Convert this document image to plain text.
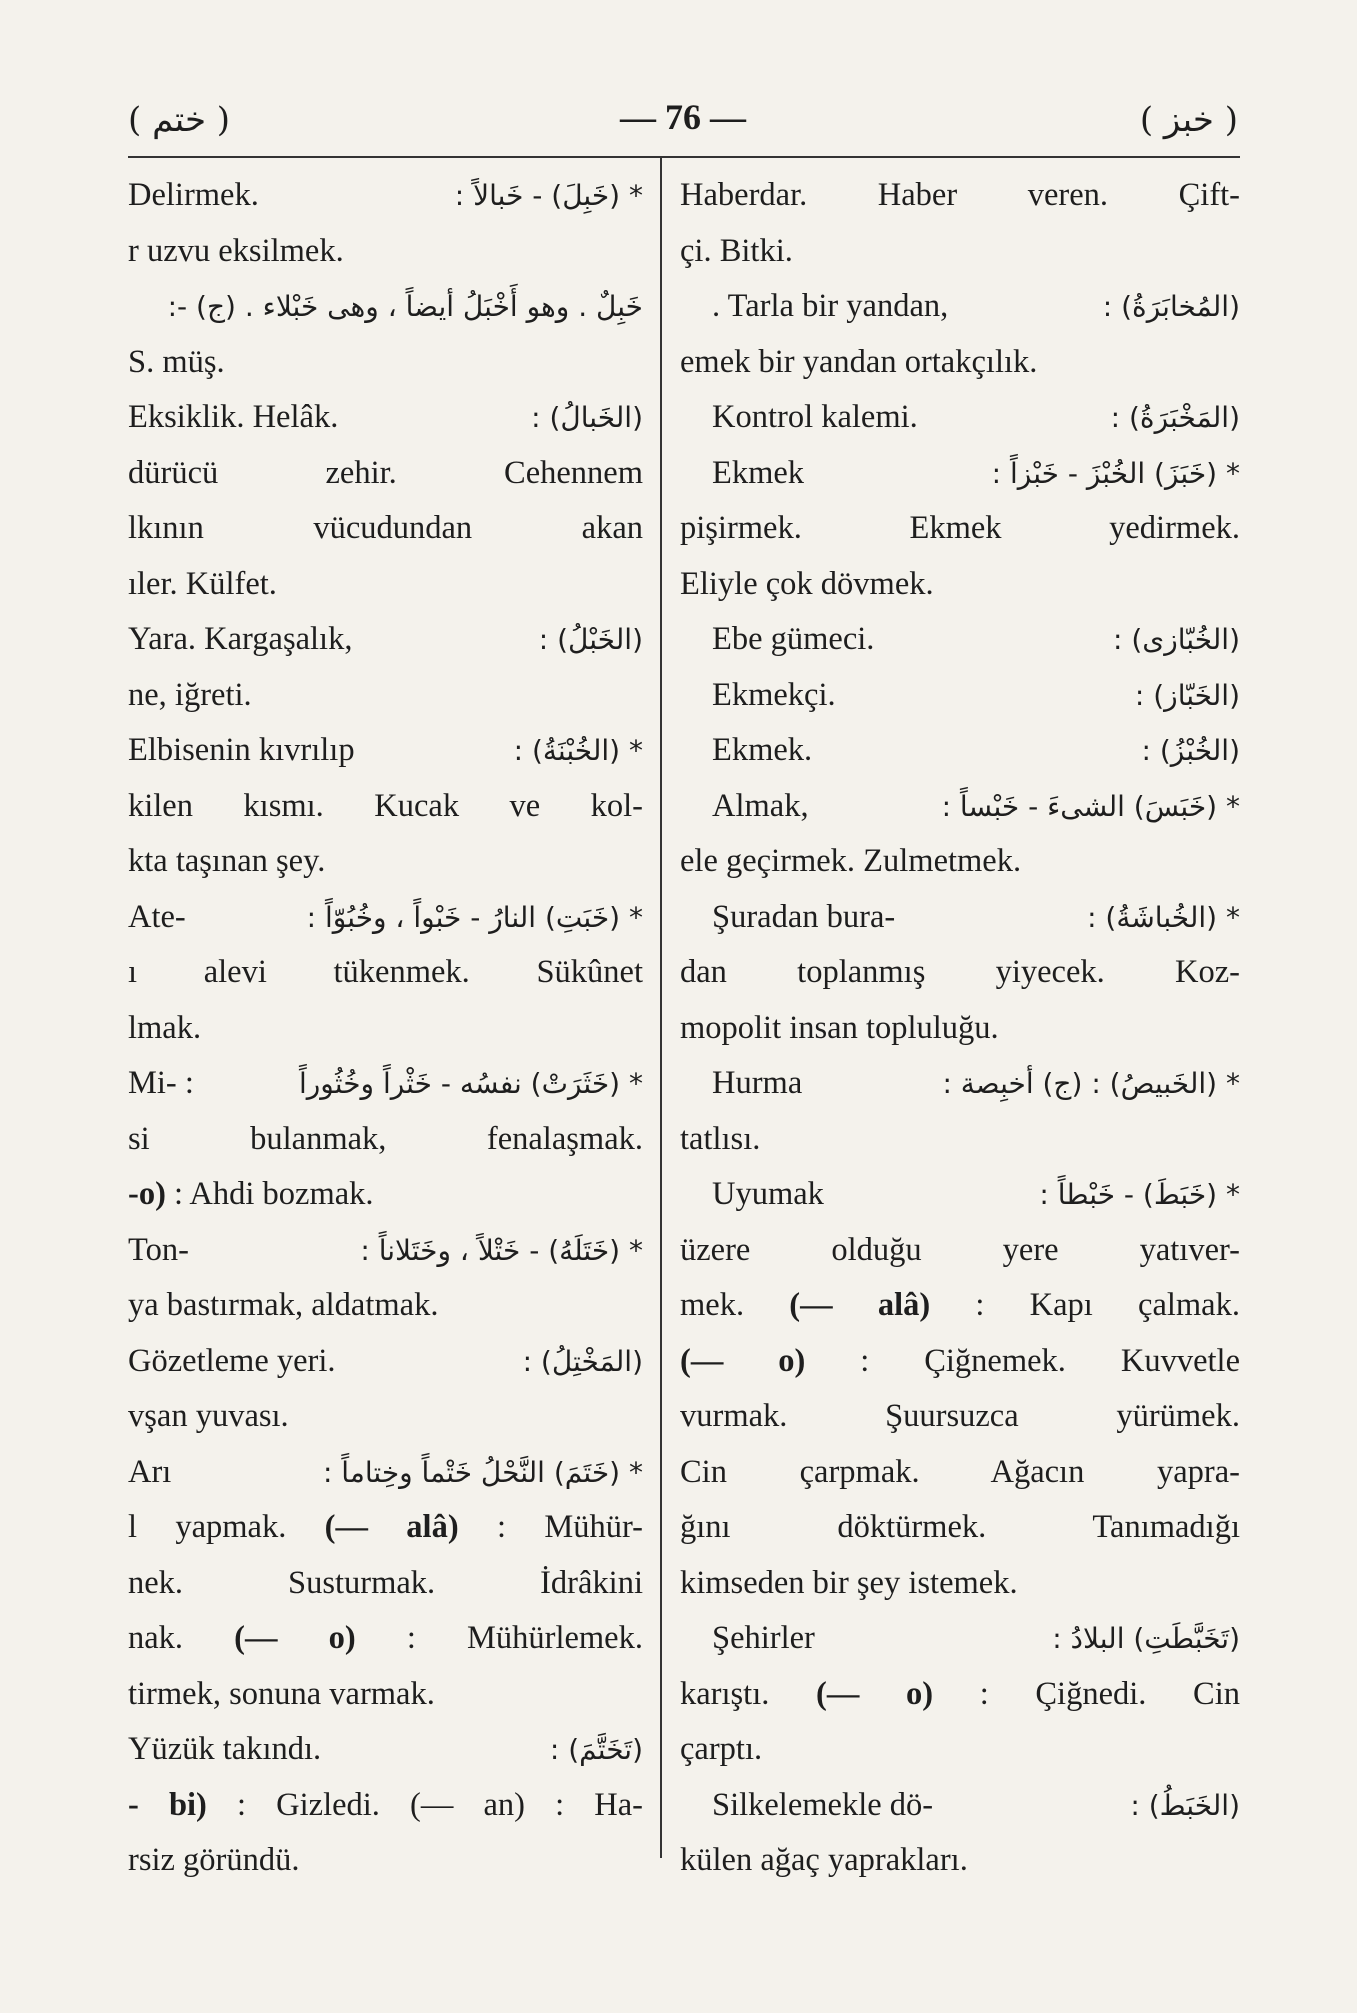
( ختم )	— 76 —	( خبز )
Delirmek.	* (خَبِلَ) - خَبالاً :
r uzvu eksilmek.
خَبِلٌ . وهو أَخْبَلُ أيضاً ، وهى خَبْلاء . (ج) -:
S. müş.
Eksiklik. Helâk.	(الخَبالُ) :
dürücü zehir. Cehennem
lkının vücudundan akan
ıler. Külfet.
Yara. Kargaşalık,	(الخَبْلُ) :
ne, iğreti.
Elbisenin kıvrılıp	* (الخُبْنَةُ) :
kilen kısmı. Kucak ve kol-
kta taşınan şey.
Ate-	* (خَبَتِ) النارُ - خَبْواً ، وخُبُوّاً :
ı alevi tükenmek. Sükûnet
lmak.
Mi- :	* (خَثَرَتْ) نفسُه - خَثْراً وخُثُوراً
si bulanmak, fenalaşmak.
-o) : Ahdi bozmak.
Ton-	* (خَتَلَهُ) - خَتْلاً ، وخَتَلاناً :
ya bastırmak, aldatmak.
Gözetleme yeri.	(المَخْتِلُ) :
vşan yuvası.
Arı	* (خَتَمَ) النَّحْلُ خَتْماً وخِتاماً :
l yapmak. (— alâ) : Mühür-
nek. Susturmak. İdrâkini
nak. (— o) : Mühürlemek.
tirmek, sonuna varmak.
Yüzük takındı.	(تَخَتَّمَ) :
- bi) : Gizledi. (— an) : Ha-
rsiz göründü.
Haberdar. Haber veren. Çift-
çi. Bitki.
. Tarla bir yandan,	(المُخابَرَةُ) :
emek bir yandan ortakçılık.
Kontrol kalemi.	(المَخْبَرَةُ) :
Ekmek	* (خَبَزَ) الخُبْزَ - خَبْزاً :
pişirmek. Ekmek yedirmek.
Eliyle çok dövmek.
Ebe gümeci.	(الخُبّازى) :
Ekmekçi.	(الخَبّاز) :
Ekmek.	(الخُبْزُ) :
Almak,	* (خَبَسَ) الشىءَ - خَبْساً :
ele geçirmek. Zulmetmek.
Şuradan bura-	* (الخُباشَةُ) :
dan toplanmış yiyecek. Koz-
mopolit insan topluluğu.
Hurma	* (الخَبيصُ) : (ج) أخبِصة :
tatlısı.
Uyumak	* (خَبَطَ) - خَبْطاً :
üzere olduğu yere yatıver-
mek. (— alâ) : Kapı çalmak.
(— o) : Çiğnemek. Kuvvetle
vurmak. Şuursuzca yürümek.
Cin çarpmak. Ağacın yapra-
ğını döktürmek. Tanımadığı
kimseden bir şey istemek.
Şehirler	(تَخَبَّطَتِ) البلادُ :
karıştı. (— o) : Çiğnedi. Cin
çarptı.
Silkelemekle dö-	(الخَبَطُ) :
külen ağaç yaprakları.
